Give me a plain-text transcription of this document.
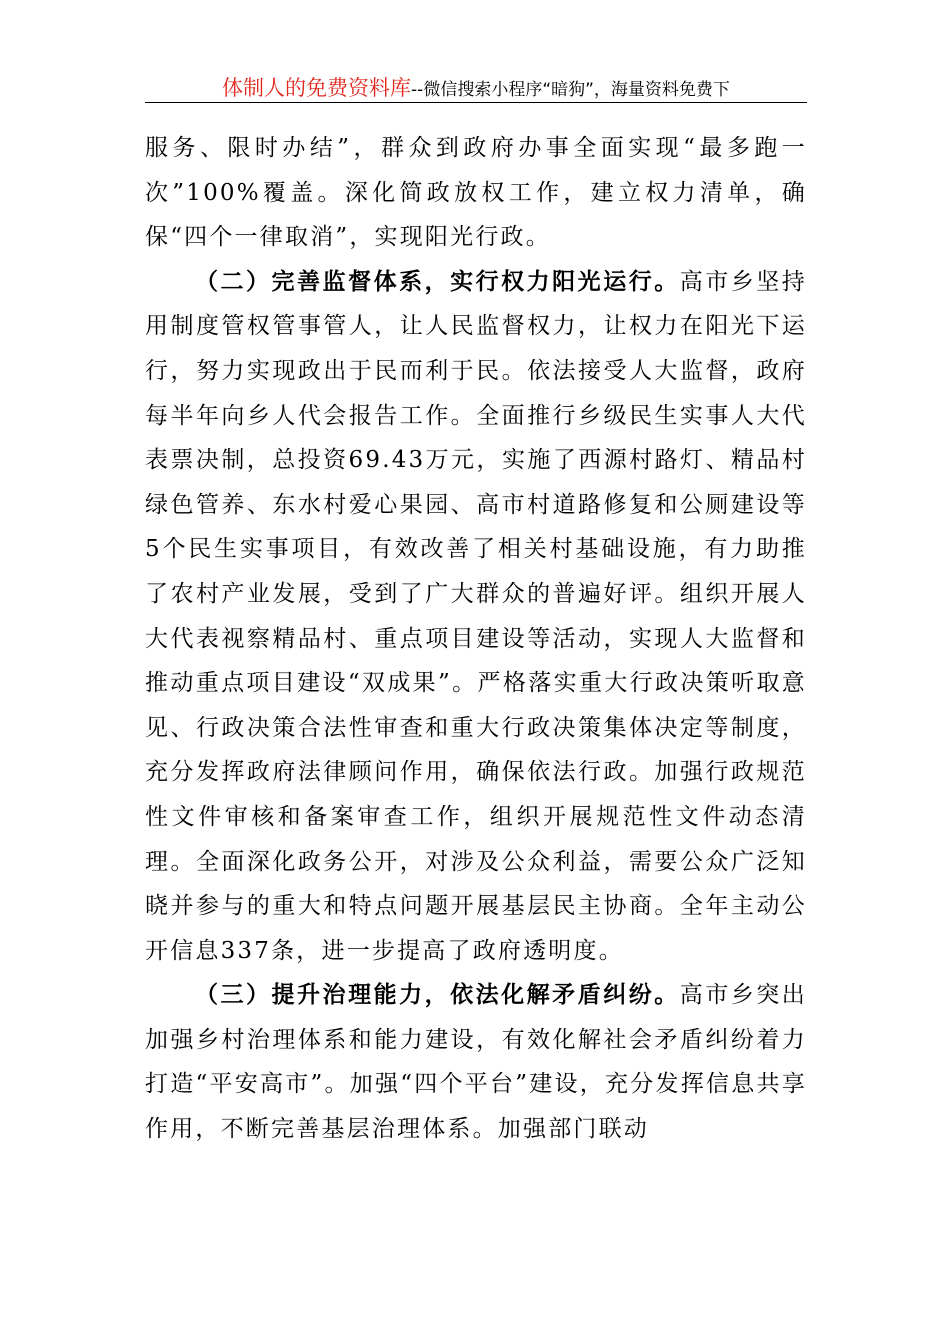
体制人的免费资料库--微信搜索小程序“暗狗”，海量资料免费下

服务、限时办结”，群众到政府办事全面实现“最多跑一次”100%覆盖。深化简政放权工作，建立权力清单，确保“四个一律取消”，实现阳光行政。

（二）完善监督体系，实行权力阳光运行。高市乡坚持用制度管权管事管人，让人民监督权力，让权力在阳光下运行，努力实现政出于民而利于民。依法接受人大监督，政府每半年向乡人代会报告工作。全面推行乡级民生实事人大代表票决制，总投资69.43万元，实施了西源村路灯、精品村绿色管养、东水村爱心果园、高市村道路修复和公厕建设等5个民生实事项目，有效改善了相关村基础设施，有力助推了农村产业发展，受到了广大群众的普遍好评。组织开展人大代表视察精品村、重点项目建设等活动，实现人大监督和推动重点项目建设“双成果”。严格落实重大行政决策听取意见、行政决策合法性审查和重大行政决策集体决定等制度，充分发挥政府法律顾问作用，确保依法行政。加强行政规范性文件审核和备案审查工作，组织开展规范性文件动态清理。全面深化政务公开，对涉及公众利益，需要公众广泛知晓并参与的重大和特点问题开展基层民主协商。全年主动公开信息337条，进一步提高了政府透明度。

（三）提升治理能力，依法化解矛盾纠纷。高市乡突出加强乡村治理体系和能力建设，有效化解社会矛盾纠纷着力打造“平安高市”。加强“四个平台”建设，充分发挥信息共享作用，不断完善基层治理体系。加强部门联动
